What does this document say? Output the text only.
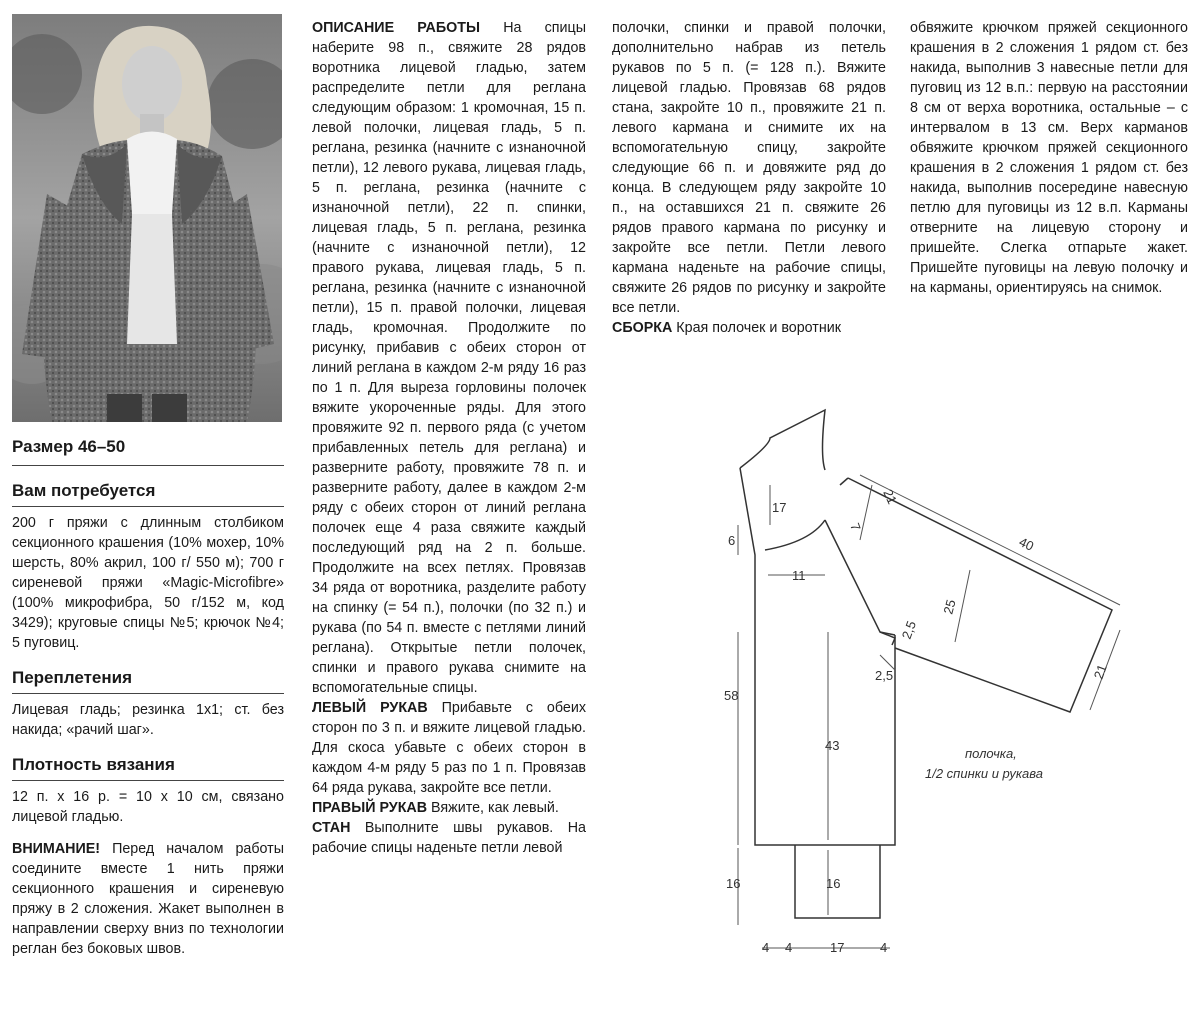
Размер 46–50
Вам потребуется

200 г пряжи с длинным столбиком секционного крашения (10% мохер, 10% шерсть, 80% акрил, 100 г/ 550 м); 700 г сиреневой пряжи «Magic-Microfibre» (100% микрофибра, 50 г/152 м, код 3429); круговые спицы №5; крючок №4; 5 пуговиц.

Переплетения

Лицевая гладь; резинка 1х1; ст. без накида; «рачий шаг».

Плотность вязания

12 п. х 16 р. = 10 х 10 см, связано лицевой гладью.

ВНИМАНИЕ! Перед началом работы соедините вместе 1 нить пряжи секционного крашения и сиреневую пряжу в 2 сложения. Жакет выполнен в направлении сверху вниз по технологии реглан без боковых швов.

ОПИСАНИЕ РАБОТЫ На спицы наберите 98 п., свяжите 28 рядов воротника лицевой гладью, затем распределите петли для реглана следующим образом: 1 кромочная, 15 п. левой полочки, лицевая гладь, 5 п. реглана, резинка (начните с изнаночной петли), 12 левого рукава, лицевая гладь, 5 п. реглана, резинка (начните с изнаночной петли), 22 п. спинки, лицевая гладь, 5 п. реглана, резинка (начните с изнаночной петли), 12 правого рукава, лицевая гладь, 5 п. реглана, резинка (начните с изнаночной петли), 15 п. правой полочки, лицевая гладь, кромочная. Продолжите по рисунку, прибавив с обеих сторон от линий реглана в каждом 2-м ряду 16 раз по 1 п. Для выреза горловины полочек вяжите укороченные ряды. Для этого провяжите 92 п. первого ряда (с учетом прибавленных петель для реглана) и разверните работу, провяжите 78 п. и разверните работу, далее в каждом 2-м ряду с обеих сторон от линий реглана полочек еще 4 раза свяжите каждый последующий ряд на 2 п. больше. Продолжите на всех петлях. Провязав 34 ряда от воротника, разделите работу на спинку (= 54 п.), полочки (по 32 п.) и рукава (по 54 п. вместе с петлями линий реглана). Открытые петли полочек, спинки и правого рукава снимите на вспомогательные спицы.

ЛЕВЫЙ РУКАВ Прибавьте с обеих сторон по 3 п. и вяжите лицевой гладью. Для скоса убавьте с обеих сторон в каждом 4-м ряду 5 раз по 1 п. Провязав 64 ряда рукава, закройте все петли.

ПРАВЫЙ РУКАВ Вяжите, как левый.

СТАН Выполните швы рукавов. На рабочие спицы наденьте петли левой

полочки, спинки и правой полочки, дополнительно набрав из петель рукавов по 5 п. (= 128 п.). Вяжите лицевой гладью. Провязав 68 рядов стана, закройте 10 п., провяжите 21 п. левого кармана и снимите их на вспомогательную спицу, закройте следующие 66 п. и довяжите ряд до конца. В следующем ряду закройте 10 п., на оставшихся 21 п. свяжите 26 рядов правого кармана по рисунку и закройте все петли. Петли левого кармана наденьте на рабочие спицы, свяжите 26 рядов по рисунку и закройте все петли.

СБОРКА Края полочек и воротник

обвяжите крючком пряжей секционного крашения в 2 сложения 1 рядом ст. без накида, выполнив 3 навесные петли для пуговиц из 12 в.п.: первую на расстоянии 8 см от верха воротника, остальные – с интервалом в 13 см. Верх карманов обвяжите крючком пряжей секционного крашения в 2 сложения 1 рядом ст. без накида, выполнив посередине навесную петлю для пуговицы из 12 в.п. Карманы отверните на лицевую сторону и пришейте. Слегка отпарьте жакет. Пришейте пуговицы на левую полочку и на карманы, ориентируясь на снимок.

17
7
21
40
6
11
25
2,5
2,5	21
58
43
16	16
4 4	17	4
полочка,
1/2 спинки и рукава
